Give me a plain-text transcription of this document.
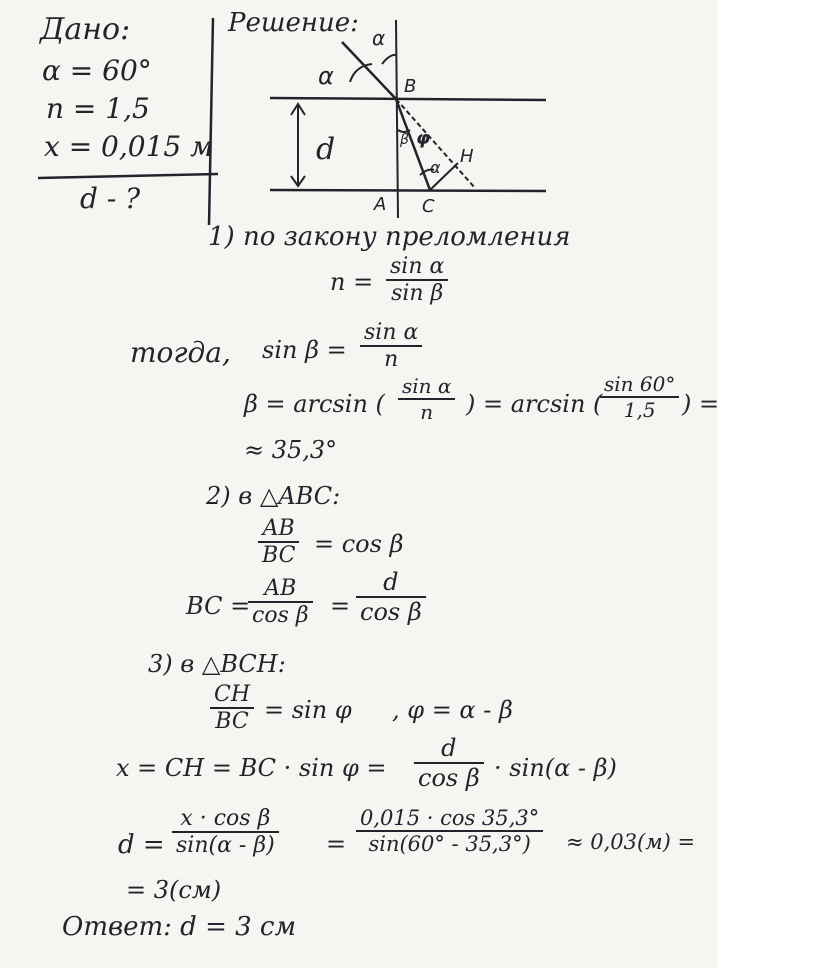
Дано:
α = 60°
n = 1,5
x = 0,015 м
d - ?
Решение: α
α	B
β φ
α
H
d
A C
1) по закону преломления
$n = \frac{\text{sin α}}{\text{sin β}}$
тогда, $\sin \beta = \frac{\text{sin α}}{n}$
β = arcsin ( $\frac{\text{sin α}}{n}$ ) = arcsin (
$\frac{\sin 60^\circ}{1,5}$ ) =
≈ 35,3°
2) в △ABC:
$\frac{AB}{BC} = \cos \beta$
BC =
$\frac{AB}{\text{cos β}} = \frac{d}{\text{cos β}}$
3) в △BCH:
$\frac{CH}{BC} = \sin \varphi$ , φ = α - β
x = CH = BC · $\sin \varphi = \frac{d}{\text{cos β}} \cdot \sin(\alpha - \beta)$
$d = \frac{\text{x · cos β}}{\sin(\alpha - \beta)} = \frac{0,015 \cdot \cos 35,3^\circ}{\sin(60^\circ - 35,3^\circ)} \approx 0,03(м)$ =
= 3(см)
Ответ: d = 3 см
